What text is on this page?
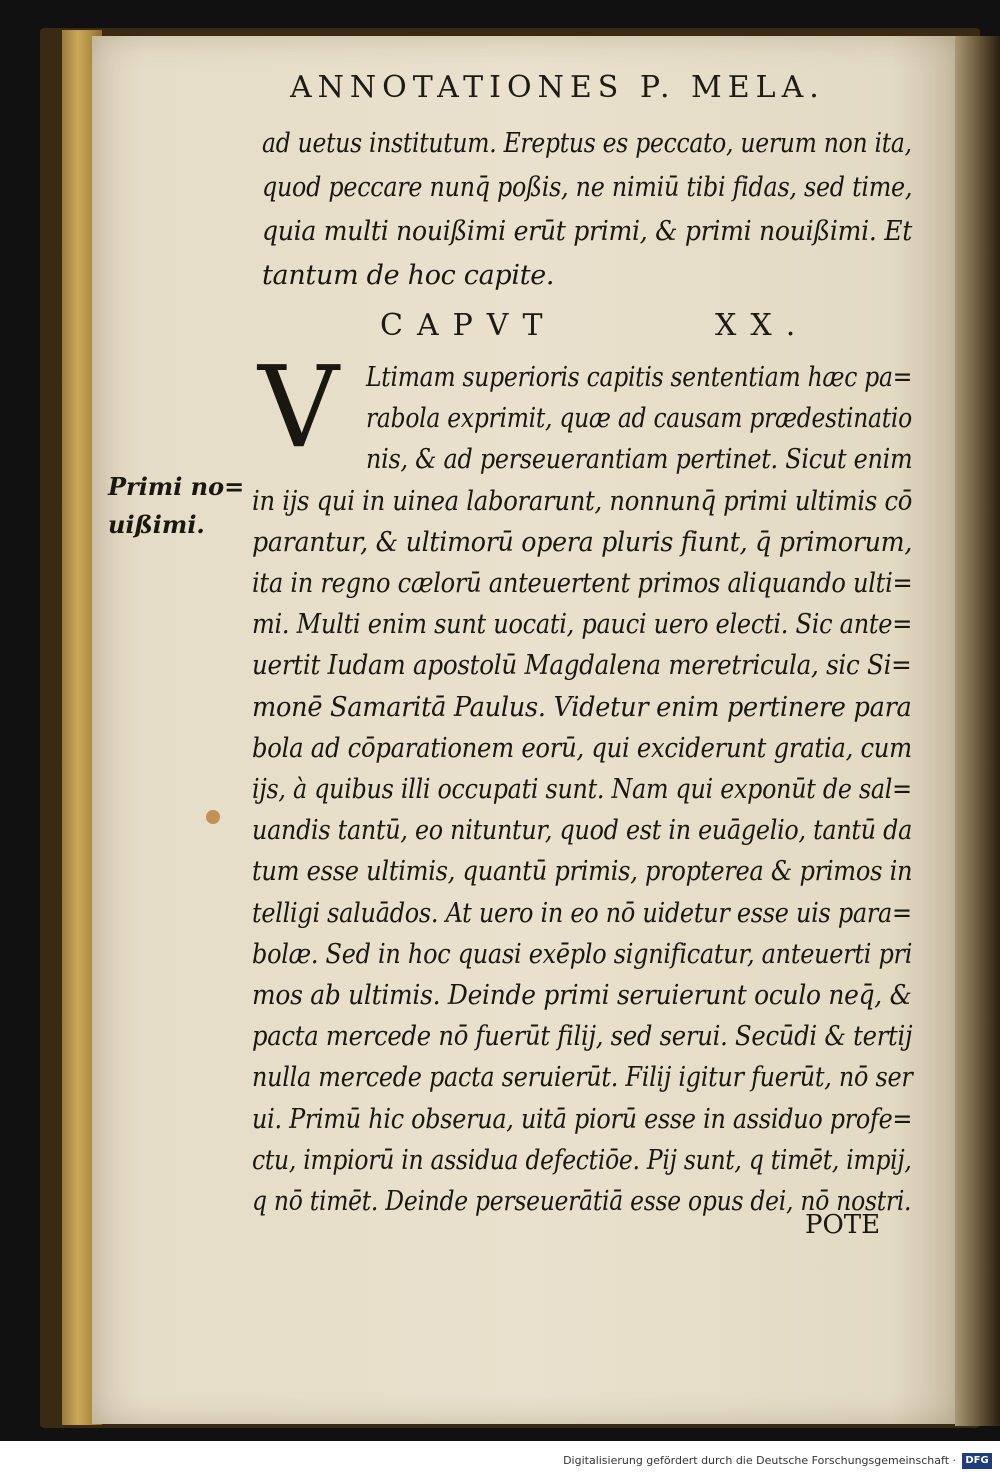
ANNOTATIONES P. MELA.
ad uetus institutum. Ereptus es peccato, uerum non ita,
quod peccare nunq̄ poßis, ne nimiū tibi fidas, sed time,
quia multi nouißimi erūt primi, & primi nouißimi. Et
tantum de hoc capite.
CAPVT	XX.
V Ltimam superioris capitis sententiam hæc pa=
rabola exprimit, quæ ad causam prædestinatio
nis, & ad perseuerantiam pertinet. Sicut enim
in ijs qui in uinea laborarunt, nonnunq̄ primi ultimis cō
parantur, & ultimorū opera pluris fiunt, q̄ primorum,
ita in regno cælorū anteuertent primos aliquando ulti=
mi. Multi enim sunt uocati, pauci uero electi. Sic ante=
uertit Iudam apostolū Magdalena meretricula, sic Si=
monē Samaritā Paulus. Videtur enim pertinere para
bola ad cōparationem eorū, qui exciderunt gratia, cum
ijs, à quibus illi occupati sunt. Nam qui exponūt de sal=
uandis tantū, eo nituntur, quod est in euāgelio, tantū da
tum esse ultimis, quantū primis, propterea & primos in
telligi saluādos. At uero in eo nō uidetur esse uis para=
bolæ. Sed in hoc quasi exēplo significatur, anteuerti pri
mos ab ultimis. Deinde primi seruierunt oculo neq̄, &
pacta mercede nō fuerūt filij, sed serui. Secūdi & tertij
nulla mercede pacta seruierūt. Filij igitur fuerūt, nō ser
ui. Primū hic obserua, uitā piorū esse in assiduo profe=
ctu, impiorū in assidua defectiōe. Pij sunt, q timēt, impij,
q nō timēt. Deinde perseuerātiā esse opus dei, nō nostri.
Primi no=
uißimi.
POTE
Digitalisierung gefördert durch die Deutsche Forschungsgemeinschaft · DFG
